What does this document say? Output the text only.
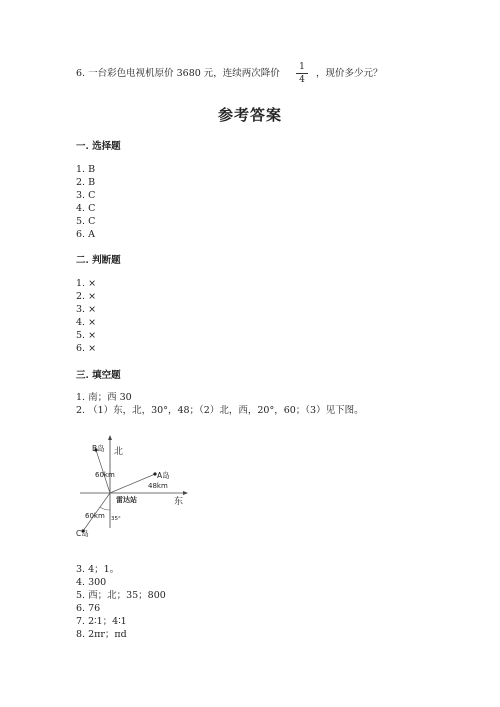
6. 一台彩色电视机原价 3680 元，连续两次降价
1
4
，现价多少元？
参考答案
一. 选择题
1. B
2. B
3. C
4. C
5. C
6. A
二. 判断题
1. ×
2. ×
3. ×
4. ×
5. ×
6. ×
三. 填空题
1. 南；西 30
2. （1）东，北，30°，48；（2）北，西，20°，60；（3）见下图。
北
东
B岛
A岛
C岛
60km
48km
60km 35°
雷达站
3. 4；1。
4. 300
5. 西；北；35；800
6. 76
7. 2∶1；4∶1
8. 2πr；πd
